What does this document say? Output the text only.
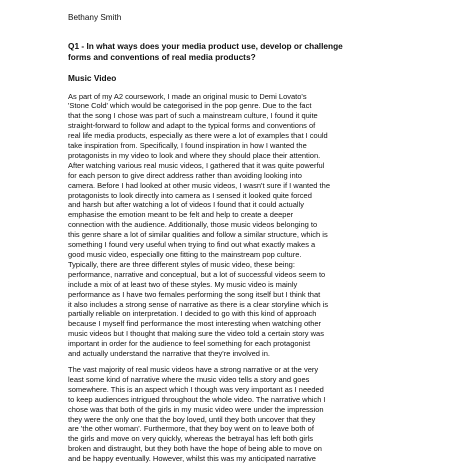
Bethany Smith
Q1 - In what ways does your media product use, develop or challenge
forms and conventions of real media products?
Music Video
As part of my A2 coursework, I made an original music to Demi Lovato's
'Stone Cold' which would be categorised in the pop genre. Due to the fact
that the song I chose was part of such a mainstream culture, I found it quite
straight-forward to follow and adapt to the typical forms and conventions of
real life media products, especially as there were a lot of examples that I could
take inspiration from. Specifically, I found inspiration in how I wanted the
protagonists in my video to look and where they should place their attention.
After watching various real music videos, I gathered that it was quite powerful
for each person to give direct address rather than avoiding looking into
camera. Before I had looked at other music videos, I wasn't sure if I wanted the
protagonists to look directly into camera as I sensed it looked quite forced
and harsh but after watching a lot of videos I found that it could actually
emphasise the emotion meant to be felt and help to create a deeper
connection with the audience. Additionally, those music videos belonging to
this genre share a lot of similar qualities and follow a similar structure, which is
something I found very useful when trying to find out what exactly makes a
good music video, especially one fitting to the mainstream pop culture.
Typically, there are three different styles of music video, these being:
performance, narrative and conceptual, but a lot of successful videos seem to
include a mix of at least two of these styles. My music video is mainly
performance as I have two females performing the song itself but I think that
it also includes a strong sense of narrative as there is a clear storyline which is
partially reliable on interpretation. I decided to go with this kind of approach
because I myself find performance the most interesting when watching other
music videos but I thought that making sure the video told a certain story was
important in order for the audience to feel something for each protagonist
and actually understand the narrative that they're involved in.
The vast majority of real music videos have a strong narrative or at the very
least some kind of narrative where the music video tells a story and goes
somewhere. This is an aspect which I though was very important as I needed
to keep audiences intrigued throughout the whole video. The narrative which I
chose was that both of the girls in my music video were under the impression
they were the only one that the boy loved, until they both uncover that they
are 'the other woman'. Furthermore, that they boy went on to leave both of
the girls and move on very quickly, whereas the betrayal has left both girls
broken and distraught, but they both have the hope of being able to move on
and be happy eventually. However, whilst this was my anticipated narrative
